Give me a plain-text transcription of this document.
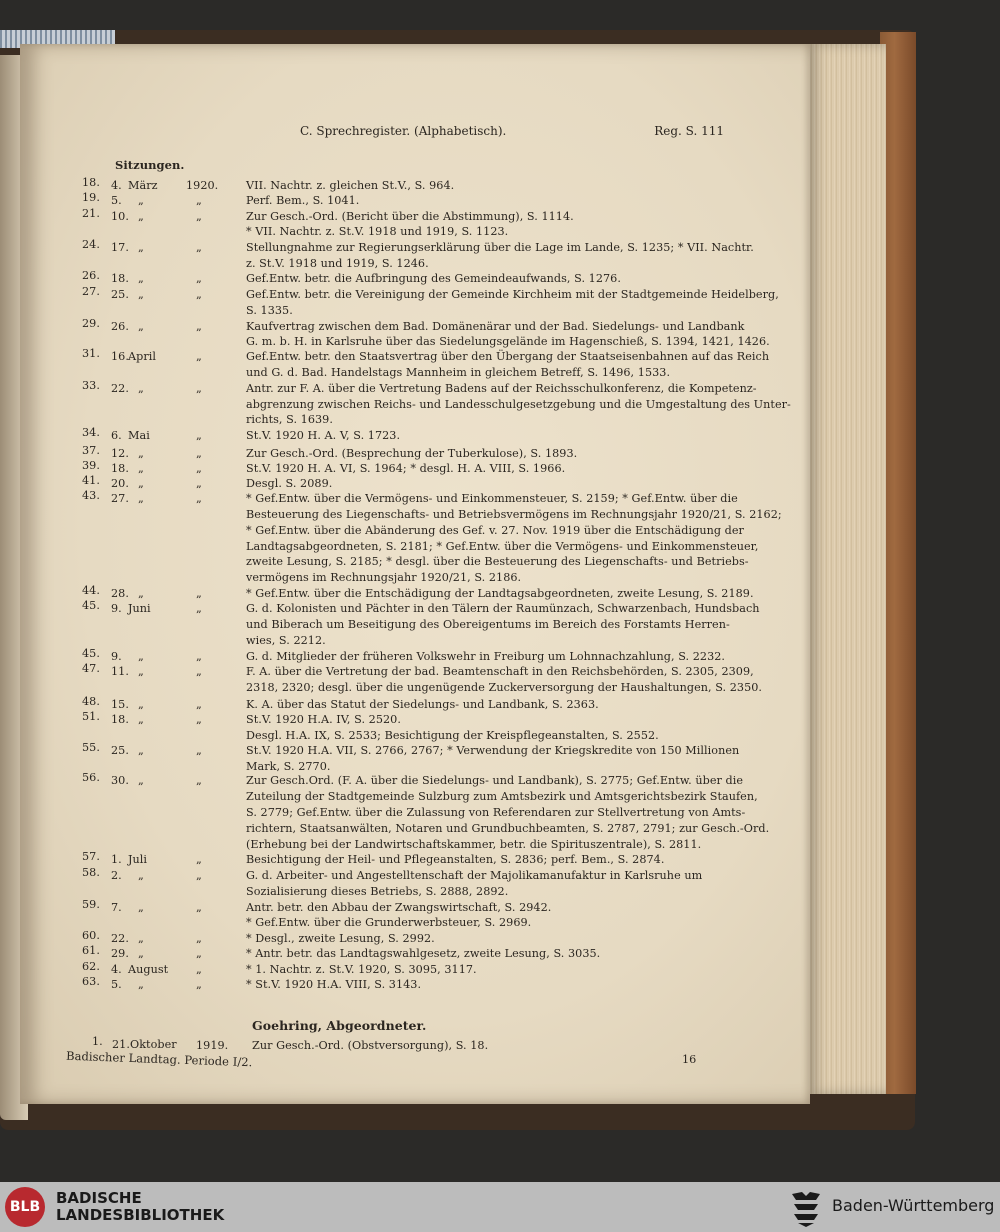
C. Sprechregister. (Alphabetisch).	Reg. S. 111
Sitzungen.
18. 4. März	1920. VII. Nachtr. z. gleichen St.V., S. 964.
19. 5. „	„	Perf. Bem., S. 1041.
21. 10. „	„	Zur Gesch.-Ord. (Bericht über die Abstimmung), S. 1114.
* VII. Nachtr. z. St.V. 1918 und 1919, S. 1123.
24. 17. „	„	Stellungnahme zur Regierungserklärung über die Lage im Lande, S. 1235; * VII. Nachtr.
z. St.V. 1918 und 1919, S. 1246.
26. 18. „	„	Gef.Entw. betr. die Aufbringung des Gemeindeaufwands, S. 1276.
27. 25. „	„	Gef.Entw. betr. die Vereinigung der Gemeinde Kirchheim mit der Stadtgemeinde Heidelberg,
S. 1335.
29. 26. „	„	Kaufvertrag zwischen dem Bad. Domänenärar und der Bad. Siedelungs- und Landbank
G. m. b. H. in Karlsruhe über das Siedelungsgelände im Hagenschieß, S. 1394, 1421, 1426.
31. 16. April	„	Gef.Entw. betr. den Staatsvertrag über den Übergang der Staatseisenbahnen auf das Reich
und G. d. Bad. Handelstags Mannheim in gleichem Betreff, S. 1496, 1533.
33. 22. „	„	Antr. zur F. A. über die Vertretung Badens auf der Reichsschulkonferenz, die Kompetenz-
abgrenzung zwischen Reichs- und Landesschulgesetzgebung und die Umgestaltung des Unter-
richts, S. 1639.
34. 6. Mai	„	St.V. 1920 H. A. V, S. 1723.
37. 12. „	„	Zur Gesch.-Ord. (Besprechung der Tuberkulose), S. 1893.
39. 18. „	„	St.V. 1920 H. A. VI, S. 1964; * desgl. H. A. VIII, S. 1966.
41. 20. „	„	Desgl. S. 2089.
43. 27. „	„	* Gef.Entw. über die Vermögens- und Einkommensteuer, S. 2159; * Gef.Entw. über die
Besteuerung des Liegenschafts- und Betriebsvermögens im Rechnungsjahr 1920/21, S. 2162;
* Gef.Entw. über die Abänderung des Gef. v. 27. Nov. 1919 über die Entschädigung der
Landtagsabgeordneten, S. 2181; * Gef.Entw. über die Vermögens- und Einkommensteuer,
zweite Lesung, S. 2185; * desgl. über die Besteuerung des Liegenschafts- und Betriebs-
vermögens im Rechnungsjahr 1920/21, S. 2186.
44. 28. „	„	* Gef.Entw. über die Entschädigung der Landtagsabgeordneten, zweite Lesung, S. 2189.
45. 9. Juni	„	G. d. Kolonisten und Pächter in den Tälern der Raumünzach, Schwarzenbach, Hundsbach
und Biberach um Beseitigung des Obereigentums im Bereich des Forstamts Herren-
wies, S. 2212.
45. 9. „	„	G. d. Mitglieder der früheren Volkswehr in Freiburg um Lohnnachzahlung, S. 2232.
47. 11. „	„	F. A. über die Vertretung der bad. Beamtenschaft in den Reichsbehörden, S. 2305, 2309,
2318, 2320; desgl. über die ungenügende Zuckerversorgung der Haushaltungen, S. 2350.
48. 15. „	„	K. A. über das Statut der Siedelungs- und Landbank, S. 2363.
51. 18. „	„	St.V. 1920 H.A. IV, S. 2520.
Desgl. H.A. IX, S. 2533; Besichtigung der Kreispflegeanstalten, S. 2552.
55. 25. „	„	St.V. 1920 H.A. VII, S. 2766, 2767; * Verwendung der Kriegskredite von 150 Millionen
Mark, S. 2770.
56. 30. „	„	Zur Gesch.Ord. (F. A. über die Siedelungs- und Landbank), S. 2775; Gef.Entw. über die
Zuteilung der Stadtgemeinde Sulzburg zum Amtsbezirk und Amtsgerichtsbezirk Staufen,
S. 2779; Gef.Entw. über die Zulassung von Referendaren zur Stellvertretung von Amts-
richtern, Staatsanwälten, Notaren und Grundbuchbeamten, S. 2787, 2791; zur Gesch.-Ord.
(Erhebung bei der Landwirtschaftskammer, betr. die Spirituszentrale), S. 2811.
57. 1. Juli	„	Besichtigung der Heil- und Pflegeanstalten, S. 2836; perf. Bem., S. 2874.
58. 2. „	„	G. d. Arbeiter- und Angestelltenschaft der Majolikamanufaktur in Karlsruhe um
Sozialisierung dieses Betriebs, S. 2888, 2892.
59. 7. „	„	Antr. betr. den Abbau der Zwangswirtschaft, S. 2942.
* Gef.Entw. über die Grunderwerbsteuer, S. 2969.
60. 22. „	„	* Desgl., zweite Lesung, S. 2992.
61. 29. „	„	* Antr. betr. das Landtagswahlgesetz, zweite Lesung, S. 3035.
62. 4. August „	* 1. Nachtr. z. St.V. 1920, S. 3095, 3117.
63. 5. „	„	* St.V. 1920 H.A. VIII, S. 3143.
Goehring, Abgeordneter.
1. 21. Oktober 1919. Zur Gesch.-Ord. (Obstversorgung), S. 18.
Badischer Landtag. Periode I/2.	16
BLB	BADISCHE
LANDESBIBLIOTHEK	Baden-Württemberg
